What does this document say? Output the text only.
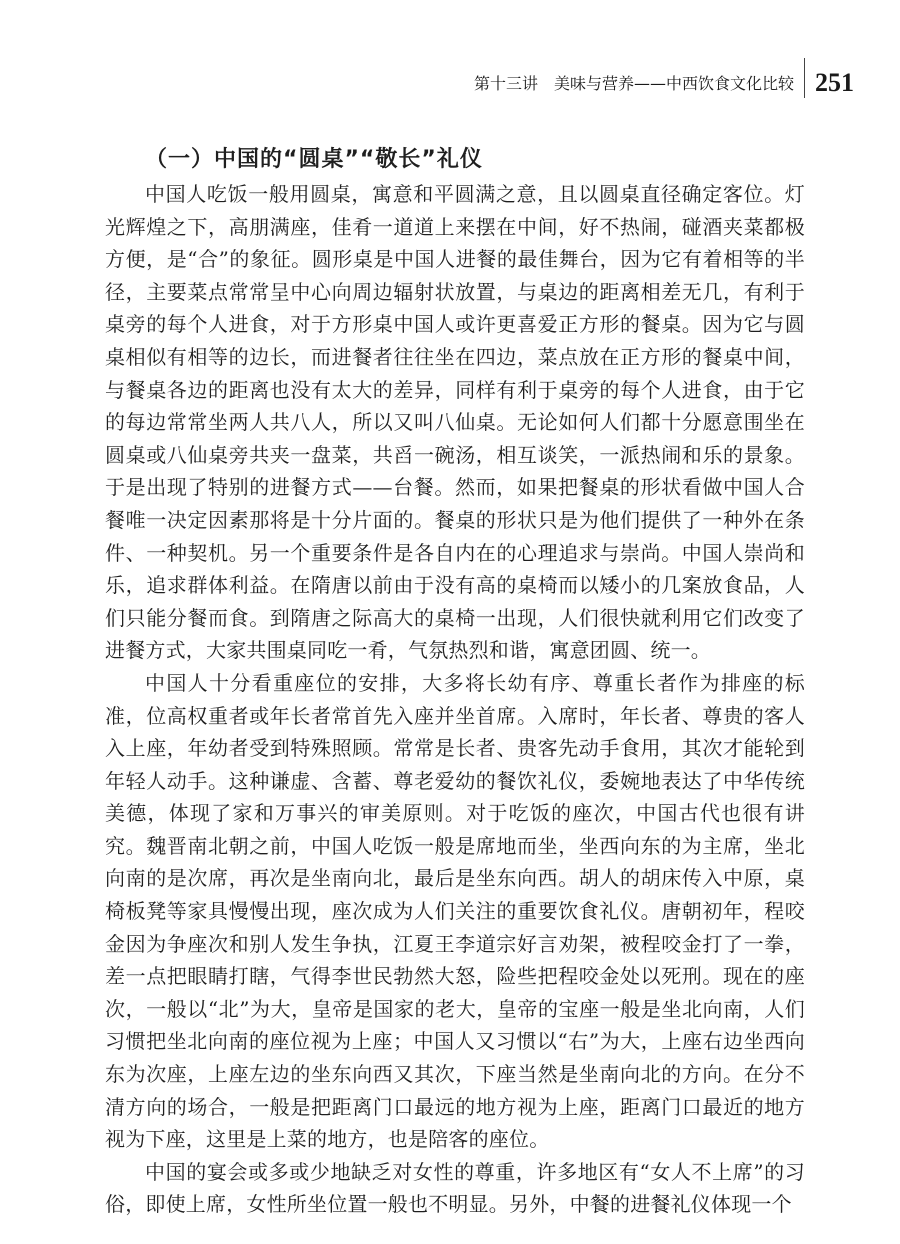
第十三讲　美味与营养——中西饮食文化比较 251
（一）中国的“圆桌”“敬长”礼仪

中国人吃饭一般用圆桌，寓意和平圆满之意，且以圆桌直径确定客位。灯光辉煌之下，高朋满座，佳肴一道道上来摆在中间，好不热闹，碰酒夹菜都极方便，是“合”的象征。圆形桌是中国人进餐的最佳舞台，因为它有着相等的半径，主要菜点常常呈中心向周边辐射状放置，与桌边的距离相差无几，有利于桌旁的每个人进食，对于方形桌中国人或许更喜爱正方形的餐桌。因为它与圆桌相似有相等的边长，而进餐者往往坐在四边，菜点放在正方形的餐桌中间，与餐桌各边的距离也没有太大的差异，同样有利于桌旁的每个人进食，由于它的每边常常坐两人共八人，所以又叫八仙桌。无论如何人们都十分愿意围坐在圆桌或八仙桌旁共夹一盘菜，共舀一碗汤，相互谈笑，一派热闹和乐的景象。于是出现了特别的进餐方式——台餐。然而，如果把餐桌的形状看做中国人合餐唯一决定因素那将是十分片面的。餐桌的形状只是为他们提供了一种外在条件、一种契机。另一个重要条件是各自内在的心理追求与崇尚。中国人崇尚和乐，追求群体利益。在隋唐以前由于没有高的桌椅而以矮小的几案放食品，人们只能分餐而食。到隋唐之际高大的桌椅一出现，人们很快就利用它们改变了进餐方式，大家共围桌同吃一肴，气氛热烈和谐，寓意团圆、统一。

中国人十分看重座位的安排，大多将长幼有序、尊重长者作为排座的标准，位高权重者或年长者常首先入座并坐首席。入席时，年长者、尊贵的客人入上座，年幼者受到特殊照顾。常常是长者、贵客先动手食用，其次才能轮到年轻人动手。这种谦虚、含蓄、尊老爱幼的餐饮礼仪，委婉地表达了中华传统美德，体现了家和万事兴的审美原则。对于吃饭的座次，中国古代也很有讲究。魏晋南北朝之前，中国人吃饭一般是席地而坐，坐西向东的为主席，坐北向南的是次席，再次是坐南向北，最后是坐东向西。胡人的胡床传入中原，桌椅板凳等家具慢慢出现，座次成为人们关注的重要饮食礼仪。唐朝初年，程咬金因为争座次和别人发生争执，江夏王李道宗好言劝架，被程咬金打了一拳，差一点把眼睛打瞎，气得李世民勃然大怒，险些把程咬金处以死刑。现在的座次，一般以“北”为大，皇帝是国家的老大，皇帝的宝座一般是坐北向南，人们习惯把坐北向南的座位视为上座；中国人又习惯以“右”为大，上座右边坐西向东为次座，上座左边的坐东向西又其次，下座当然是坐南向北的方向。在分不清方向的场合，一般是把距离门口最远的地方视为上座，距离门口最近的地方视为下座，这里是上菜的地方，也是陪客的座位。

中国的宴会或多或少地缺乏对女性的尊重，许多地区有“女人不上席”的习俗，即使上席，女性所坐位置一般也不明显。另外，中餐的进餐礼仪体现一个
